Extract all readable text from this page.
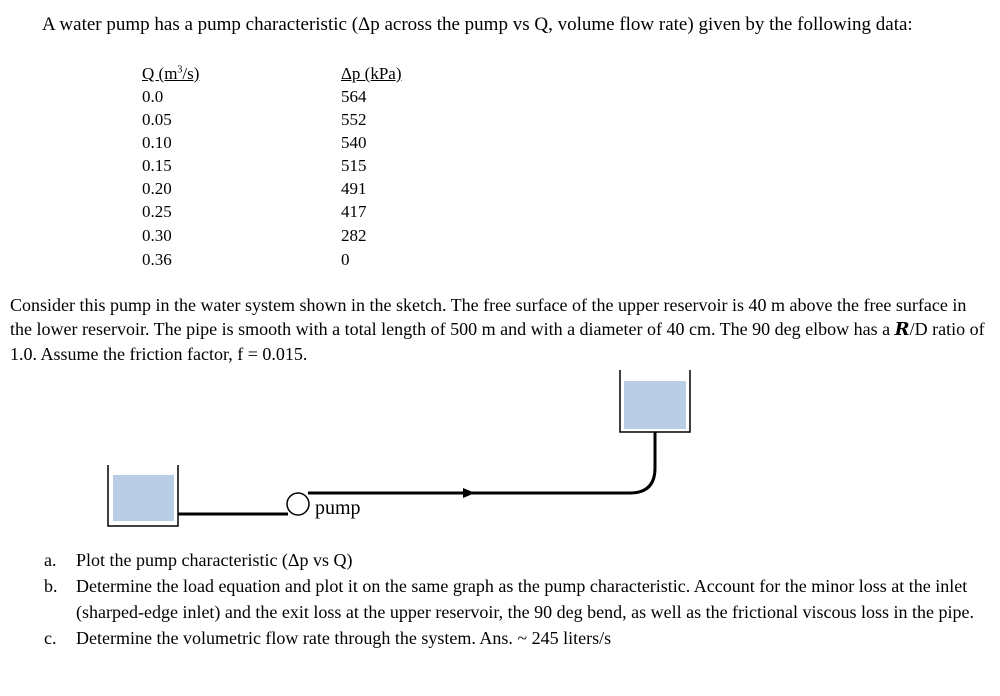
A water pump has a pump characteristic (Δp across the pump vs Q, volume flow rate) given by the following data:
Q $(m^3/s)$	Δp (kPa)
0.0	564
0.05	552
0.10	540
0.15	515
0.20	491
0.25	417
0.30	282
0.36	0
Consider this pump in the water system shown in the sketch. The free surface of the upper reservoir is 40 m above the free surface in the lower reservoir. The pipe is smooth with a total length of 500 m and with a diameter of 40 cm. The 90 deg elbow has a R/D ratio of 1.0. Assume the friction factor, f = 0.015.
pump
a.	Plot the pump characteristic (Δp vs Q)
b.	Determine the load equation and plot it on the same graph as the pump characteristic. Account for the minor loss at the inlet (sharped-edge inlet) and the exit loss at the upper reservoir, the 90 deg bend, as well as the frictional viscous loss in the pipe.
c.	Determine the volumetric flow rate through the system. Ans. ~ 245 liters/s
